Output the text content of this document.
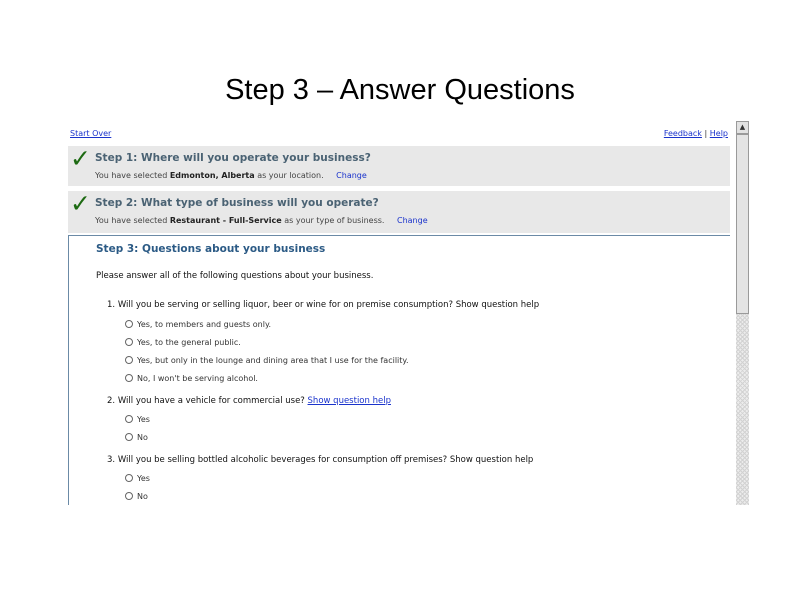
Step 3 – Answer Questions
Start Over	Feedback | Help
✓ Step 1: Where will you operate your business?
You have selected Edmonton, Alberta as your location. Change
✓ Step 2: What type of business will you operate?
You have selected Restaurant - Full-Service as your type of business. Change
Step 3: Questions about your business
Please answer all of the following questions about your business.
1. Will you be serving or selling liquor, beer or wine for on premise consumption? Show question help
Yes, to members and guests only.
Yes, to the general public.
Yes, but only in the lounge and dining area that I use for the facility.
No, I won't be serving alcohol.
2. Will you have a vehicle for commercial use? Show question help
Yes
No
3. Will you be selling bottled alcoholic beverages for consumption off premises? Show question help
Yes
No
▲
